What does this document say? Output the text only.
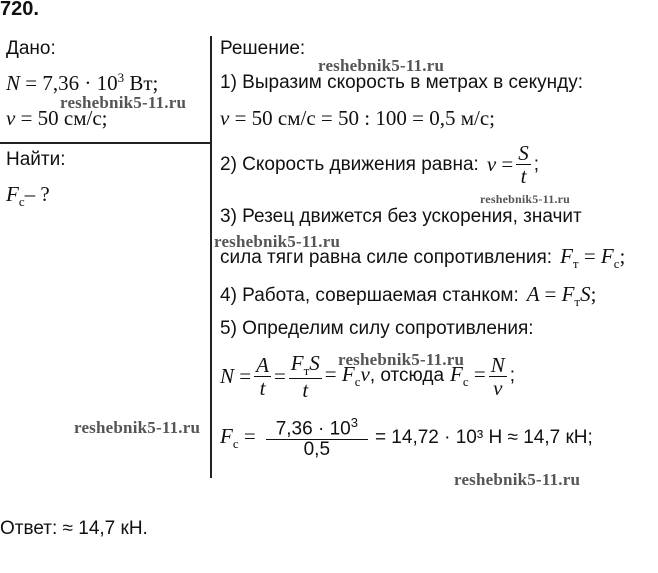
720.
Дано:
$N = 7,36 \cdot 10^3$ Вт;
v = 50 см/с;
Найти:
$F_с-$ ?
Решение:
1) Выразим скорость в метрах в секунду:
v = 50 см/с = 50 : 100 = 0,5 м/с;
2) Скорость движения равна: $v = \frac{S}{t}$ ;
3) Резец движется без ускорения, значит
сила тяги равна силе сопротивления: $F_т = F_с$;
4) Работа, совершаемая станком: $A = F_тS$;
5) Определим силу сопротивления:
$N = \frac{A}{t} = \frac{F_тS}{t} = F_сv$ , отсюда $F_с = \frac{N}{v}$ ;
$F_с = \frac{7,36 \cdot 10^3}{0,5} = 14,72 \cdot 10^3$ Н ≈ 14,7 кН;
Ответ: ≈ 14,7 кН.
reshebnik5-11.ru
reshebnik5-11.ru
reshebnik5-11.ru
reshebnik5-11.ru
reshebnik5-11.ru
reshebnik5-11.ru
reshebnik5-11.ru
